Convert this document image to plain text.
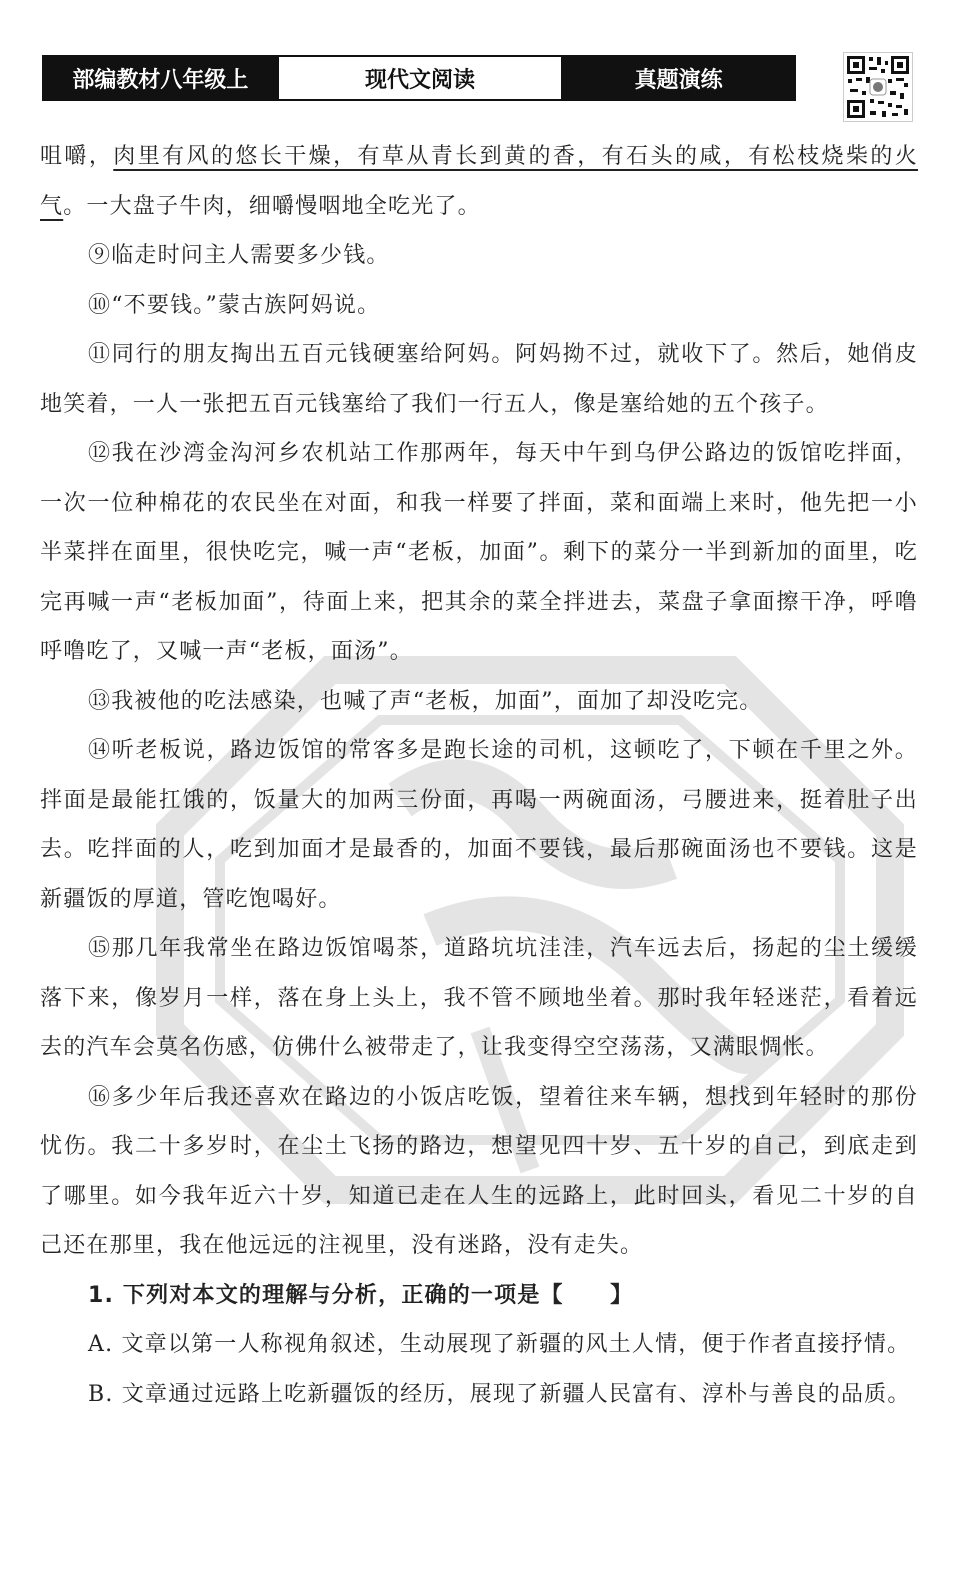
部编教材八年级上	现代文阅读	真题演练

咀嚼，肉里有风的悠长干燥，有草从青长到黄的香，有石头的咸，有松枝烧柴的火气。一大盘子牛肉，细嚼慢咽地全吃光了。

⑨临走时问主人需要多少钱。

⑩“不要钱。”蒙古族阿妈说。

⑪同行的朋友掏出五百元钱硬塞给阿妈。阿妈拗不过，就收下了。然后，她俏皮地笑着，一人一张把五百元钱塞给了我们一行五人，像是塞给她的五个孩子。

⑫我在沙湾金沟河乡农机站工作那两年，每天中午到乌伊公路边的饭馆吃拌面，一次一位种棉花的农民坐在对面，和我一样要了拌面，菜和面端上来时，他先把一小半菜拌在面里，很快吃完，喊一声“老板，加面”。剩下的菜分一半到新加的面里，吃完再喊一声“老板加面”，待面上来，把其余的菜全拌进去，菜盘子拿面擦干净，呼噜呼噜吃了，又喊一声“老板，面汤”。

⑬我被他的吃法感染，也喊了声“老板，加面”，面加了却没吃完。

⑭听老板说，路边饭馆的常客多是跑长途的司机，这顿吃了，下顿在千里之外。拌面是最能扛饿的，饭量大的加两三份面，再喝一两碗面汤，弓腰进来，挺着肚子出去。吃拌面的人，吃到加面才是最香的，加面不要钱，最后那碗面汤也不要钱。这是新疆饭的厚道，管吃饱喝好。

⑮那几年我常坐在路边饭馆喝茶，道路坑坑洼洼，汽车远去后，扬起的尘土缓缓落下来，像岁月一样，落在身上头上，我不管不顾地坐着。那时我年轻迷茫，看着远去的汽车会莫名伤感，仿佛什么被带走了，让我变得空空荡荡，又满眼惆怅。

⑯多少年后我还喜欢在路边的小饭店吃饭，望着往来车辆，想找到年轻时的那份忧伤。我二十多岁时，在尘土飞扬的路边，想望见四十岁、五十岁的自己，到底走到了哪里。如今我年近六十岁，知道已走在人生的远路上，此时回头，看见二十岁的自己还在那里，我在他远远的注视里，没有迷路，没有走失。

1. 下列对本文的理解与分析，正确的一项是【　　】

A. 文章以第一人称视角叙述，生动展现了新疆的风土人情，便于作者直接抒情。

B. 文章通过远路上吃新疆饭的经历，展现了新疆人民富有、淳朴与善良的品质。
